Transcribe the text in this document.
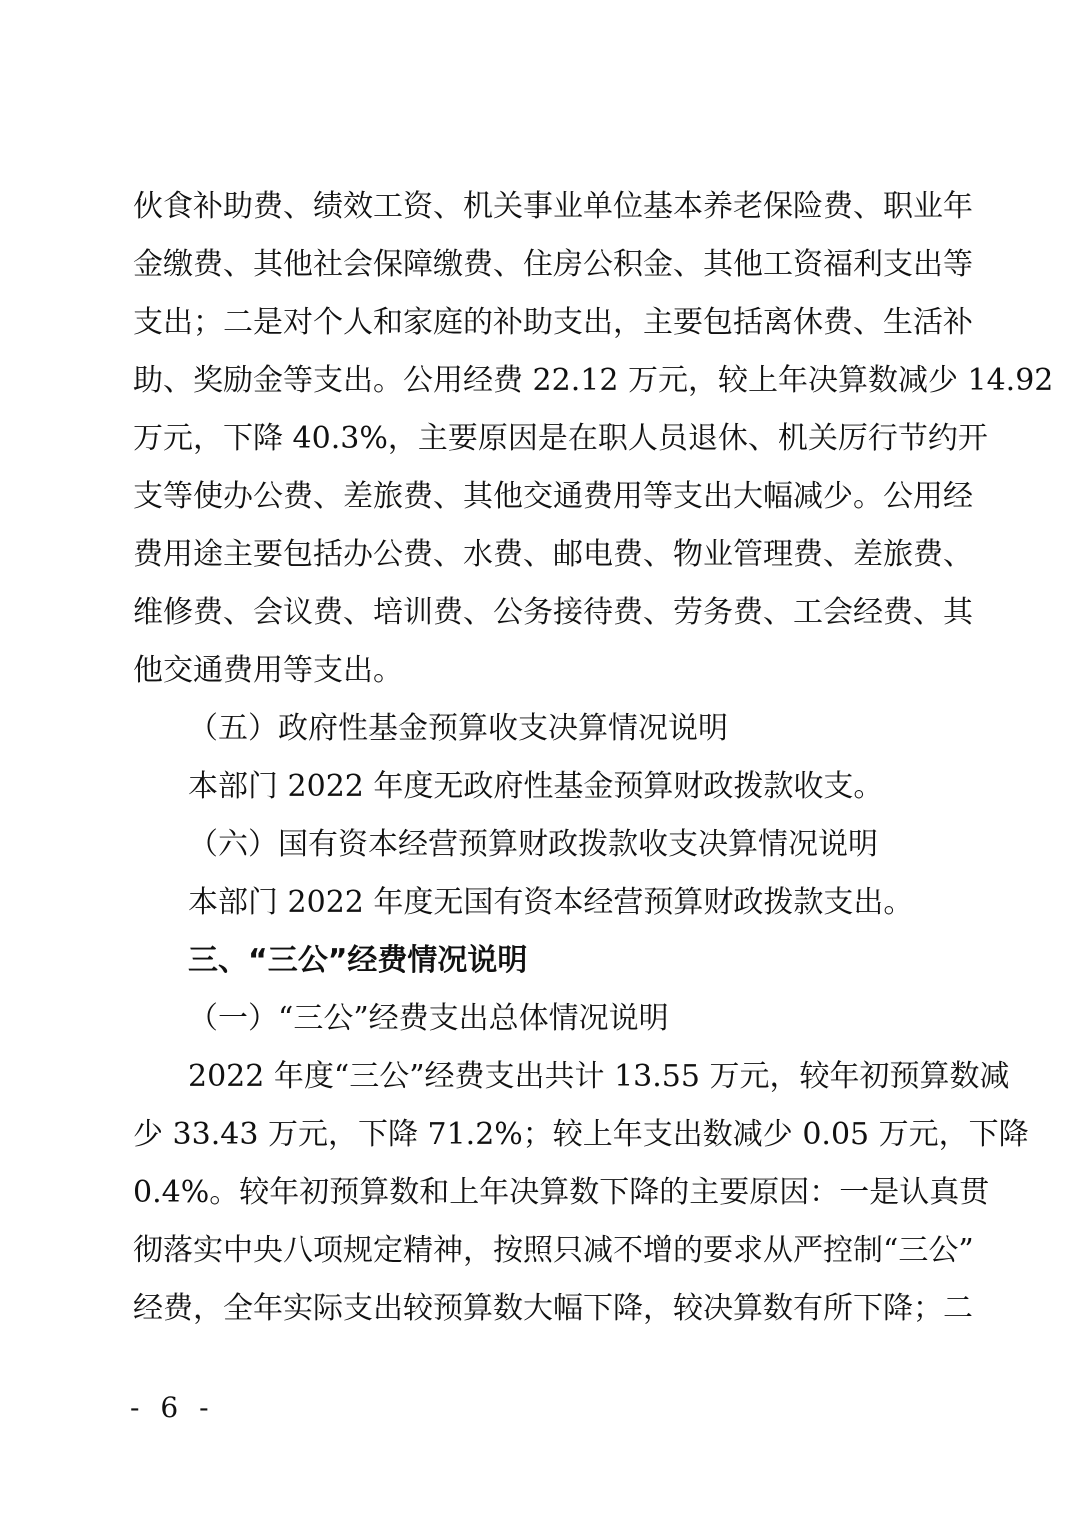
伙食补助费、绩效工资、机关事业单位基本养老保险费、职业年
金缴费、其他社会保障缴费、住房公积金、其他工资福利支出等
支出；二是对个人和家庭的补助支出，主要包括离休费、生活补
助、奖励金等支出。公用经费 22.12 万元，较上年决算数减少 14.92
万元，下降 40.3%，主要原因是在职人员退休、机关厉行节约开
支等使办公费、差旅费、其他交通费用等支出大幅减少。公用经
费用途主要包括办公费、水费、邮电费、物业管理费、差旅费、
维修费、会议费、培训费、公务接待费、劳务费、工会经费、其
他交通费用等支出。
（五）政府性基金预算收支决算情况说明
本部门 2022 年度无政府性基金预算财政拨款收支。
（六）国有资本经营预算财政拨款收支决算情况说明
本部门 2022 年度无国有资本经营预算财政拨款支出。
三、“三公”经费情况说明
（一）“三公”经费支出总体情况说明
2022 年度“三公”经费支出共计 13.55 万元，较年初预算数减
少 33.43 万元，下降 71.2%；较上年支出数减少 0.05 万元，下降
0.4%。较年初预算数和上年决算数下降的主要原因：一是认真贯
彻落实中央八项规定精神，按照只减不增的要求从严控制“三公”
经费，全年实际支出较预算数大幅下降，较决算数有所下降；二
- 6 -
